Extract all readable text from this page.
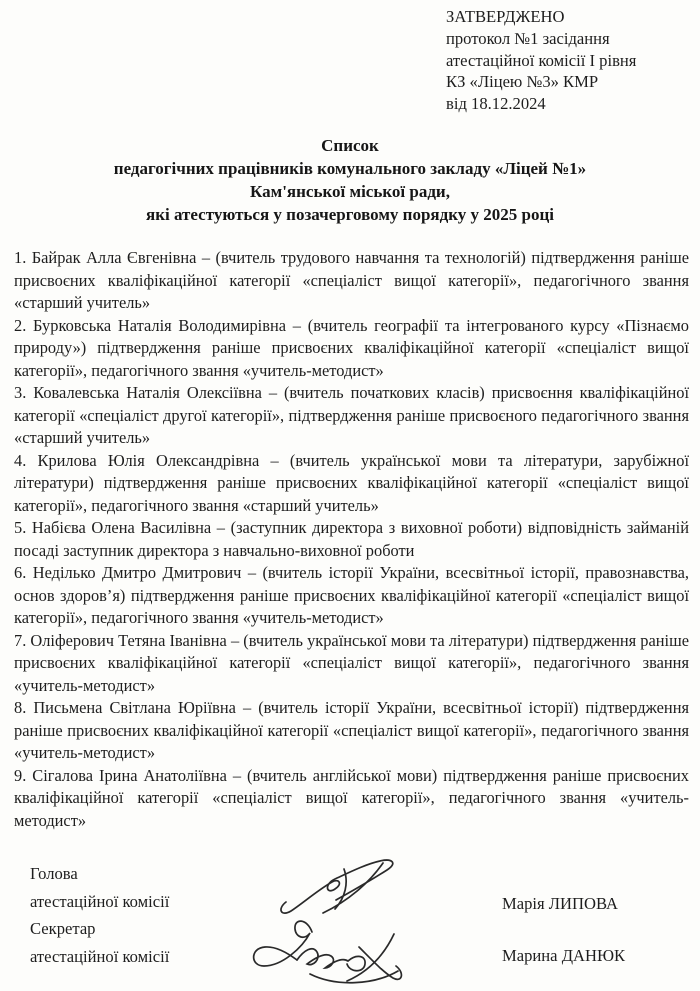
ЗАТВЕРДЖЕНО
протокол №1 засідання
атестаційної комісії І рівня
КЗ «Ліцею №3» КМР
від 18.12.2024
Список
педагогічних працівників комунального закладу «Ліцей №1»
Кам'янської міської ради,
які атестуються у позачерговому порядку у 2025 році

1. Байрак Алла Євгенівна – (вчитель трудового навчання та технологій) підтвердження раніше присвоєних кваліфікаційної категорії «спеціаліст вищої категорії», педагогічного звання «старший учитель»

2. Бурковська Наталія Володимирівна – (вчитель географії та інтегрованого курсу «Пізнаємо природу») підтвердження раніше присвоєних кваліфікаційної категорії «спеціаліст вищої категорії», педагогічного звання «учитель-методист»

3. Ковалевська Наталія Олексіївна – (вчитель початкових класів) присвоєння кваліфікаційної категорії «спеціаліст другої категорії», підтвердження раніше присвоєного педагогічного звання «старший учитель»

4. Крилова Юлія Олександрівна – (вчитель української мови та літератури, зарубіжної літератури) підтвердження раніше присвоєних кваліфікаційної категорії «спеціаліст вищої категорії», педагогічного звання «старший учитель»

5. Набієва Олена Василівна – (заступник директора з виховної роботи) відповідність займаній посаді заступник директора з навчально-виховної роботи

6. Неділько Дмитро Дмитрович – (вчитель історії України, всесвітньої історії, правознавства, основ здоров’я) підтвердження раніше присвоєних кваліфікаційної категорії «спеціаліст вищої категорії», педагогічного звання «учитель-методист»

7. Оліферович Тетяна Іванівна – (вчитель української мови та літератури) підтвердження раніше присвоєних кваліфікаційної категорії «спеціаліст вищої категорії», педагогічного звання «учитель-методист»

8. Письмена Світлана Юріївна – (вчитель історії України, всесвітньої історії) підтвердження раніше присвоєних кваліфікаційної категорії «спеціаліст вищої категорії», педагогічного звання «учитель-методист»

9. Сігалова Ірина Анатоліївна – (вчитель англійської мови) підтвердження раніше присвоєних кваліфікаційної категорії «спеціаліст вищої категорії», педагогічного звання «учитель-методист»

Голова
атестаційної комісії
Секретар
атестаційної комісії
Марія ЛИПОВА
Марина ДАНЮК
